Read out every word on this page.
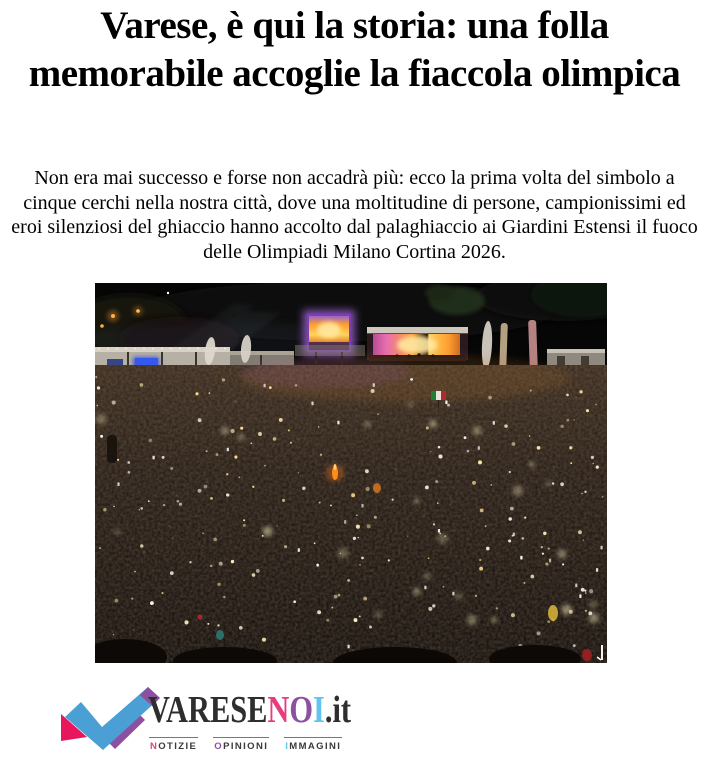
Varese, è qui la storia: una folla memorabile accoglie la fiaccola olimpica

Non era mai successo e forse non accadrà più: ecco la prima volta del simbolo a cinque cerchi nella nostra città, dove una moltitudine di persone, campionissimi ed eroi silenziosi del ghiaccio hanno accolto dal palaghiaccio ai Giardini Estensi il fuoco delle Olimpiadi Milano Cortina 2026.

VARESENOI.it
NOTIZIE OPINIONI IMMAGINI
